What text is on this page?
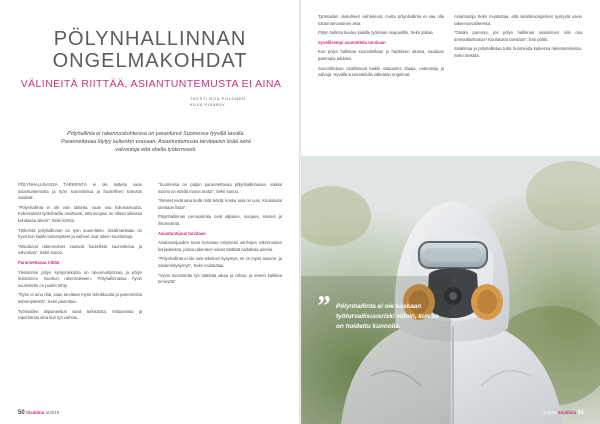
PÖLYNHALLINNAN
ONGELMAKOHDAT
VÄLINEITÄ RIITTÄÄ, ASIANTUNTEMUSTA EI AINA
TEKSTI EIJA POLONEN
KUVA PIXABAY
Pölyhallinta ei rakennuskohteissa on parantunut Suomessa fyysillä tasolla. Parannettavaa löytyy kuitenkin erasaan. Asiantuntemusta tarvitaaisin lisää sekä valvontoja että ohella työtermiasti.

PÖLYNHALLINASSA TÄRKEINTÄ ei ole laitteita vaan asiantuntemusta ja työn suunnittelua ja huolellinen toteutus vaativat.

"Pölynhallinta ei ole vain laitteita, vaan osa kokonaisuutta. Kokemukset työkohteilla osoittavat, että suojaus on oltava oikeissa kohdassa oikein", Sekri kertoo.

Tärkeintä pölyhallinnan on työn suunnittelu. Sisäilmanlaatu on hyvä kun kaikki toimenpiteet ja vaiheet ovat oikein suoritettuja.

"Muuttuvat rakennukset vaativat huolellista suunnittelua ja valvontaa", Sekri sanoo.

Parannettavaa riittää

Yleisimmin pölyn syntymiskohta on rakennustyömaa ja pölyn leviäminen muuhun rakennukseen. Pölyhallinnassa hyvin suunniteltu on puolet tehty.

"Ryse ei aina riitä, vaan tarvitaan myös tehokkuutta ja paremmista toimenpiteistä", Sekri painottaa.

Työmaiden alipaineistus vaatii tarkistusta, mittaamista ja raportointia aina kun työ vaihtuu.

"Suomessa on paljon parannettavaa pölynhallinnassa, vaikka Suomi on edellä monia maita", Sekri sanoo.

"Ihmiset eivät aina tiedä mitä tehdä, koska asia on uusi. Koulutusta tarvitaan lisää".

Pölynhallinnan perusasioita ovat alipaine, suojaus, siivous ja ilmanvaihto.

Asiantuntijuus tarvitaan

Asiantuntijuuden tarve korostuu erityisesti vanhojen rakennusten korjauksissa, joissa rakenteet voivat sisältää haitallisia aineita.

"Pölynhallinta ei ole vain tekninen kysymys, se on myös asenne- ja osaamiskysymys", Sekri muistuttaa.

"Hyvin suunniteltu työ säästää aikaa ja rahaa, ja ennen kaikkea terveyttä".

50 Sisäilma 4/2019

Työmaiden olosuhteet vaihtelevat, mutta pölynhallinta ei saa olla sattumanvarainen asia.

Pölyn hallinta kuuluu kaikille työmaan osapuolille, Sekri jatkaa.

Syvällisempi suunnittelu tarvitaan

Kun pölyn hallintaa suunnitellaan jo hankkeen alussa, saadaan parempia tuloksia.

Suunnitteluun osallistuvat kaikki osapuolet, tilaaja, urakoitsija ja valvoja. Hyvällä suunnittelulla vältetään ongelmat.

Asiantuntija Sekri muistuttaa, että sisäilmaongelmat syntyvät usein rakennusvaiheessa.

"Olisiko parempi, jos pölyn hallinnan osaaminen olisi osa ammattitutkintoa? Koulutusta tarvitaan", hän pohtii.

Sisäilmaa ja pölyhallintaa tulisi huomioida kaikessa rakentamisessa, Sekri tiivistää.

” Pölynhallinta ei ole koskaan työturvallisuusriski silloin, kun se on hoidettu kunnolla.
4/2019 Sisäilma 51
